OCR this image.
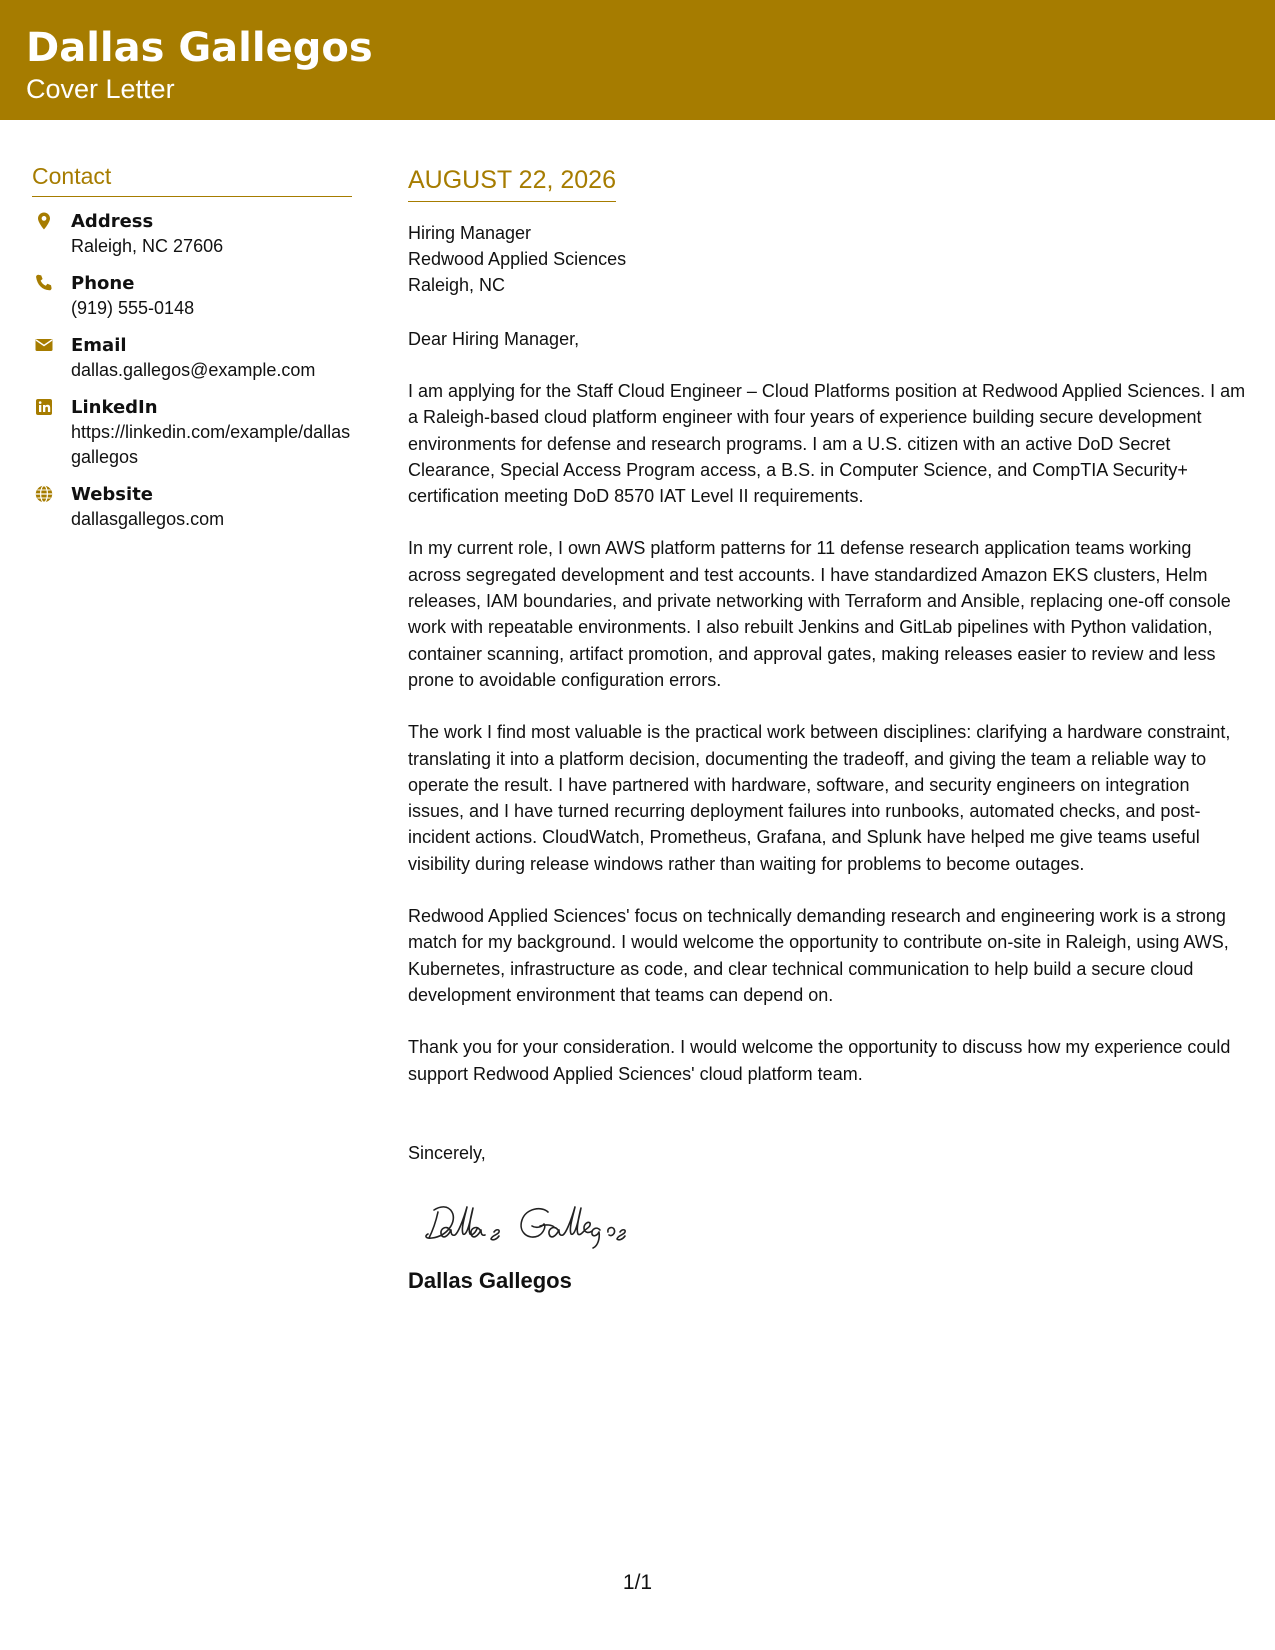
Dallas Gallegos
Cover Letter
Contact
Address
Raleigh, NC 27606
Phone
(919) 555-0148
Email
dallas.gallegos@example.com
LinkedIn
https://linkedin.com/example/dallasgallegos
Website
dallasgallegos.com
AUGUST 22, 2026
Hiring Manager
Redwood Applied Sciences
Raleigh, NC
Dear Hiring Manager,
I am applying for the Staff Cloud Engineer – Cloud Platforms position at Redwood Applied Sciences. I am a Raleigh-based cloud platform engineer with four years of experience building secure development environments for defense and research programs. I am a U.S. citizen with an active DoD Secret Clearance, Special Access Program access, a B.S. in Computer Science, and CompTIA Security+ certification meeting DoD 8570 IAT Level II requirements.
In my current role, I own AWS platform patterns for 11 defense research application teams working across segregated development and test accounts. I have standardized Amazon EKS clusters, Helm releases, IAM boundaries, and private networking with Terraform and Ansible, replacing one-off console work with repeatable environments. I also rebuilt Jenkins and GitLab pipelines with Python validation, container scanning, artifact promotion, and approval gates, making releases easier to review and less prone to avoidable configuration errors.
The work I find most valuable is the practical work between disciplines: clarifying a hardware constraint, translating it into a platform decision, documenting the tradeoff, and giving the team a reliable way to operate the result. I have partnered with hardware, software, and security engineers on integration issues, and I have turned recurring deployment failures into runbooks, automated checks, and post-incident actions. CloudWatch, Prometheus, Grafana, and Splunk have helped me give teams useful visibility during release windows rather than waiting for problems to become outages.
Redwood Applied Sciences' focus on technically demanding research and engineering work is a strong match for my background. I would welcome the opportunity to contribute on-site in Raleigh, using AWS, Kubernetes, infrastructure as code, and clear technical communication to help build a secure cloud development environment that teams can depend on.
Thank you for your consideration. I would welcome the opportunity to discuss how my experience could support Redwood Applied Sciences' cloud platform team.
Sincerely,
Dallas Gallegos
1/1
